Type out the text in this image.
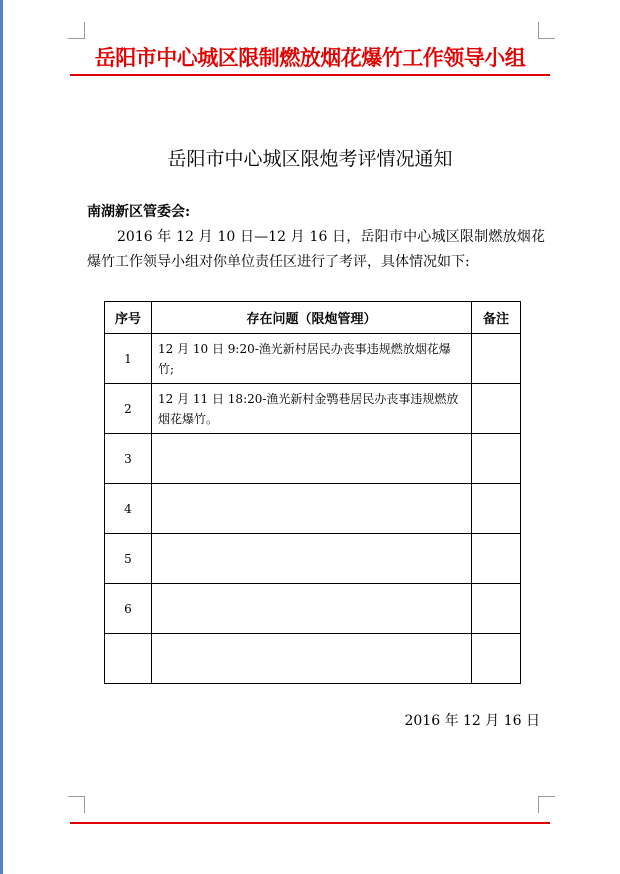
岳阳市中心城区限制燃放烟花爆竹工作领导小组
岳阳市中心城区限炮考评情况通知
南湖新区管委会:

2016 年 12 月 10 日—12 月 16 日，岳阳市中心城区限制燃放烟花爆竹工作领导小组对你单位责任区进行了考评，具体情况如下:

序号	存在问题（限炮管理）	备注
1	12 月 10 日 9:20-渔光新村居民办丧事违规燃放烟花爆竹;	

2	12 月 11 日 18:20-渔光新村金鹗巷居民办丧事违规燃放烟花爆竹。	

3	

4	

5	

6	

2016 年 12 月 16 日
